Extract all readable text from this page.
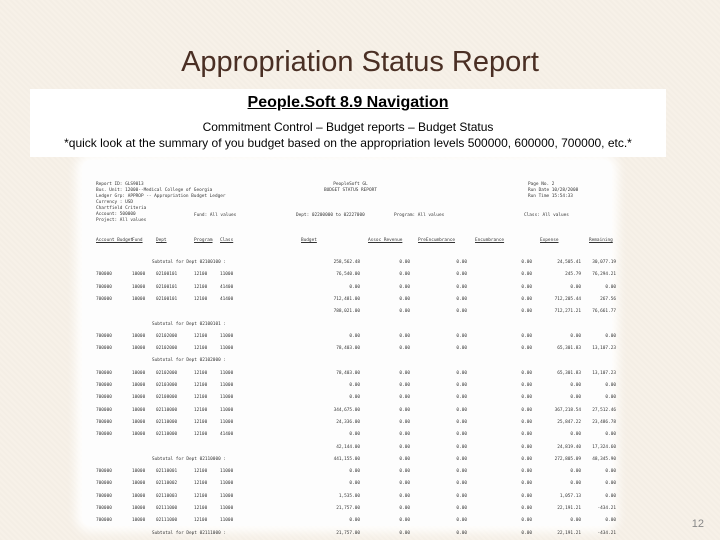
Appropriation Status Report
People.Soft 8.9 Navigation
Commitment Control – Budget reports – Budget Status
*quick look at the summary of you budget based on the appropriation levels 500000, 600000, 700000, etc.*
Report ID: GLS9013
Bus. Unit: 12000--Medical College of Georgia
Ledger Grp: APPROP -- Appropriation Budget Ledger
Currency : USD
Chartfield Criteria
Account: 500000
Project: All values
PeopleSoft GL
BUDGET STATUS REPORT
Page No. 2
Run Date 10/28/2008
Run Time 15:54:33
Fund: All values	Dept: 02200000 to 02227000	Program: All values	Class: All values
Account Budget
Fund	Dept	Program Class	Budget	Assoc Revenue	PreEncumbrance	Encumbrance	Expense	Remaining
258,562.48	0.00	0.00	0.00	24,505.41	30,077.19
Subtotal for Dept 02100100 :
700000	10000 02100101	12100	11000	76,540.00	0.00	0.00	0.00	245.79	76,294.21
700000	10000 02100101	12100	41400	0.00	0.00	0.00	0.00	0.00	0.00
700000	10000 02100101	12100	41400	712,481.00	0.00	0.00	0.00	712,205.44	267.56
788,021.00	0.00	0.00	0.00	712,271.21	76,661.77
Subtotal for Dept 02100101 :
700000	10000 02102000	12100	11000	0.00	0.00	0.00	0.00	0.00	0.00
700000	10000 02102000	12100	11000	78,403.00	0.00	0.00	0.00	65,301.83	13,107.23
Subtotal for Dept 02102000 :
700000	10000 02102000	12100	11000	78,403.00	0.00	0.00	0.00	65,301.83	13,107.23
700000	10000 02103000	12100	11000	0.00	0.00	0.00	0.00	0.00	0.00
700000	10000 02108000	12100	11000	0.00	0.00	0.00	0.00	0.00	0.00
700000	10000 02110000	12100	11000	344,675.00	0.00	0.00	0.00	367,218.54	27,512.46
700000	10000 02110000	12100	11000	24,336.00	0.00	0.00	0.00	25,847.22	23,486.78
700000	10000 02110000	12100	41400	0.00	0.00	0.00	0.00	0.00	0.00
42,144.00	0.00	0.00	0.00	24,819.40	17,324.60
441,155.00	0.00	0.00	0.00	272,805.09	48,345.90
Subtotal for Dept 02110000 :
700000	10000 02110001	12100	11000	0.00	0.00	0.00	0.00	0.00	0.00
700000	10000 02110002	12100	11000	0.00	0.00	0.00	0.00	0.00	0.00
700000	10000 02110003	12100	11000	1,535.00	0.00	0.00	0.00	1,057.13	0.00
700000	10000 02111000	12100	11000	21,757.00	0.00	0.00	0.00	22,191.21	-434.21
700000	10000 02111000	12100	11000	0.00	0.00	0.00	0.00	0.00	0.00
21,757.00	0.00	0.00	0.00	22,191.21	-434.21
Subtotal for Dept 02111000 :
12
